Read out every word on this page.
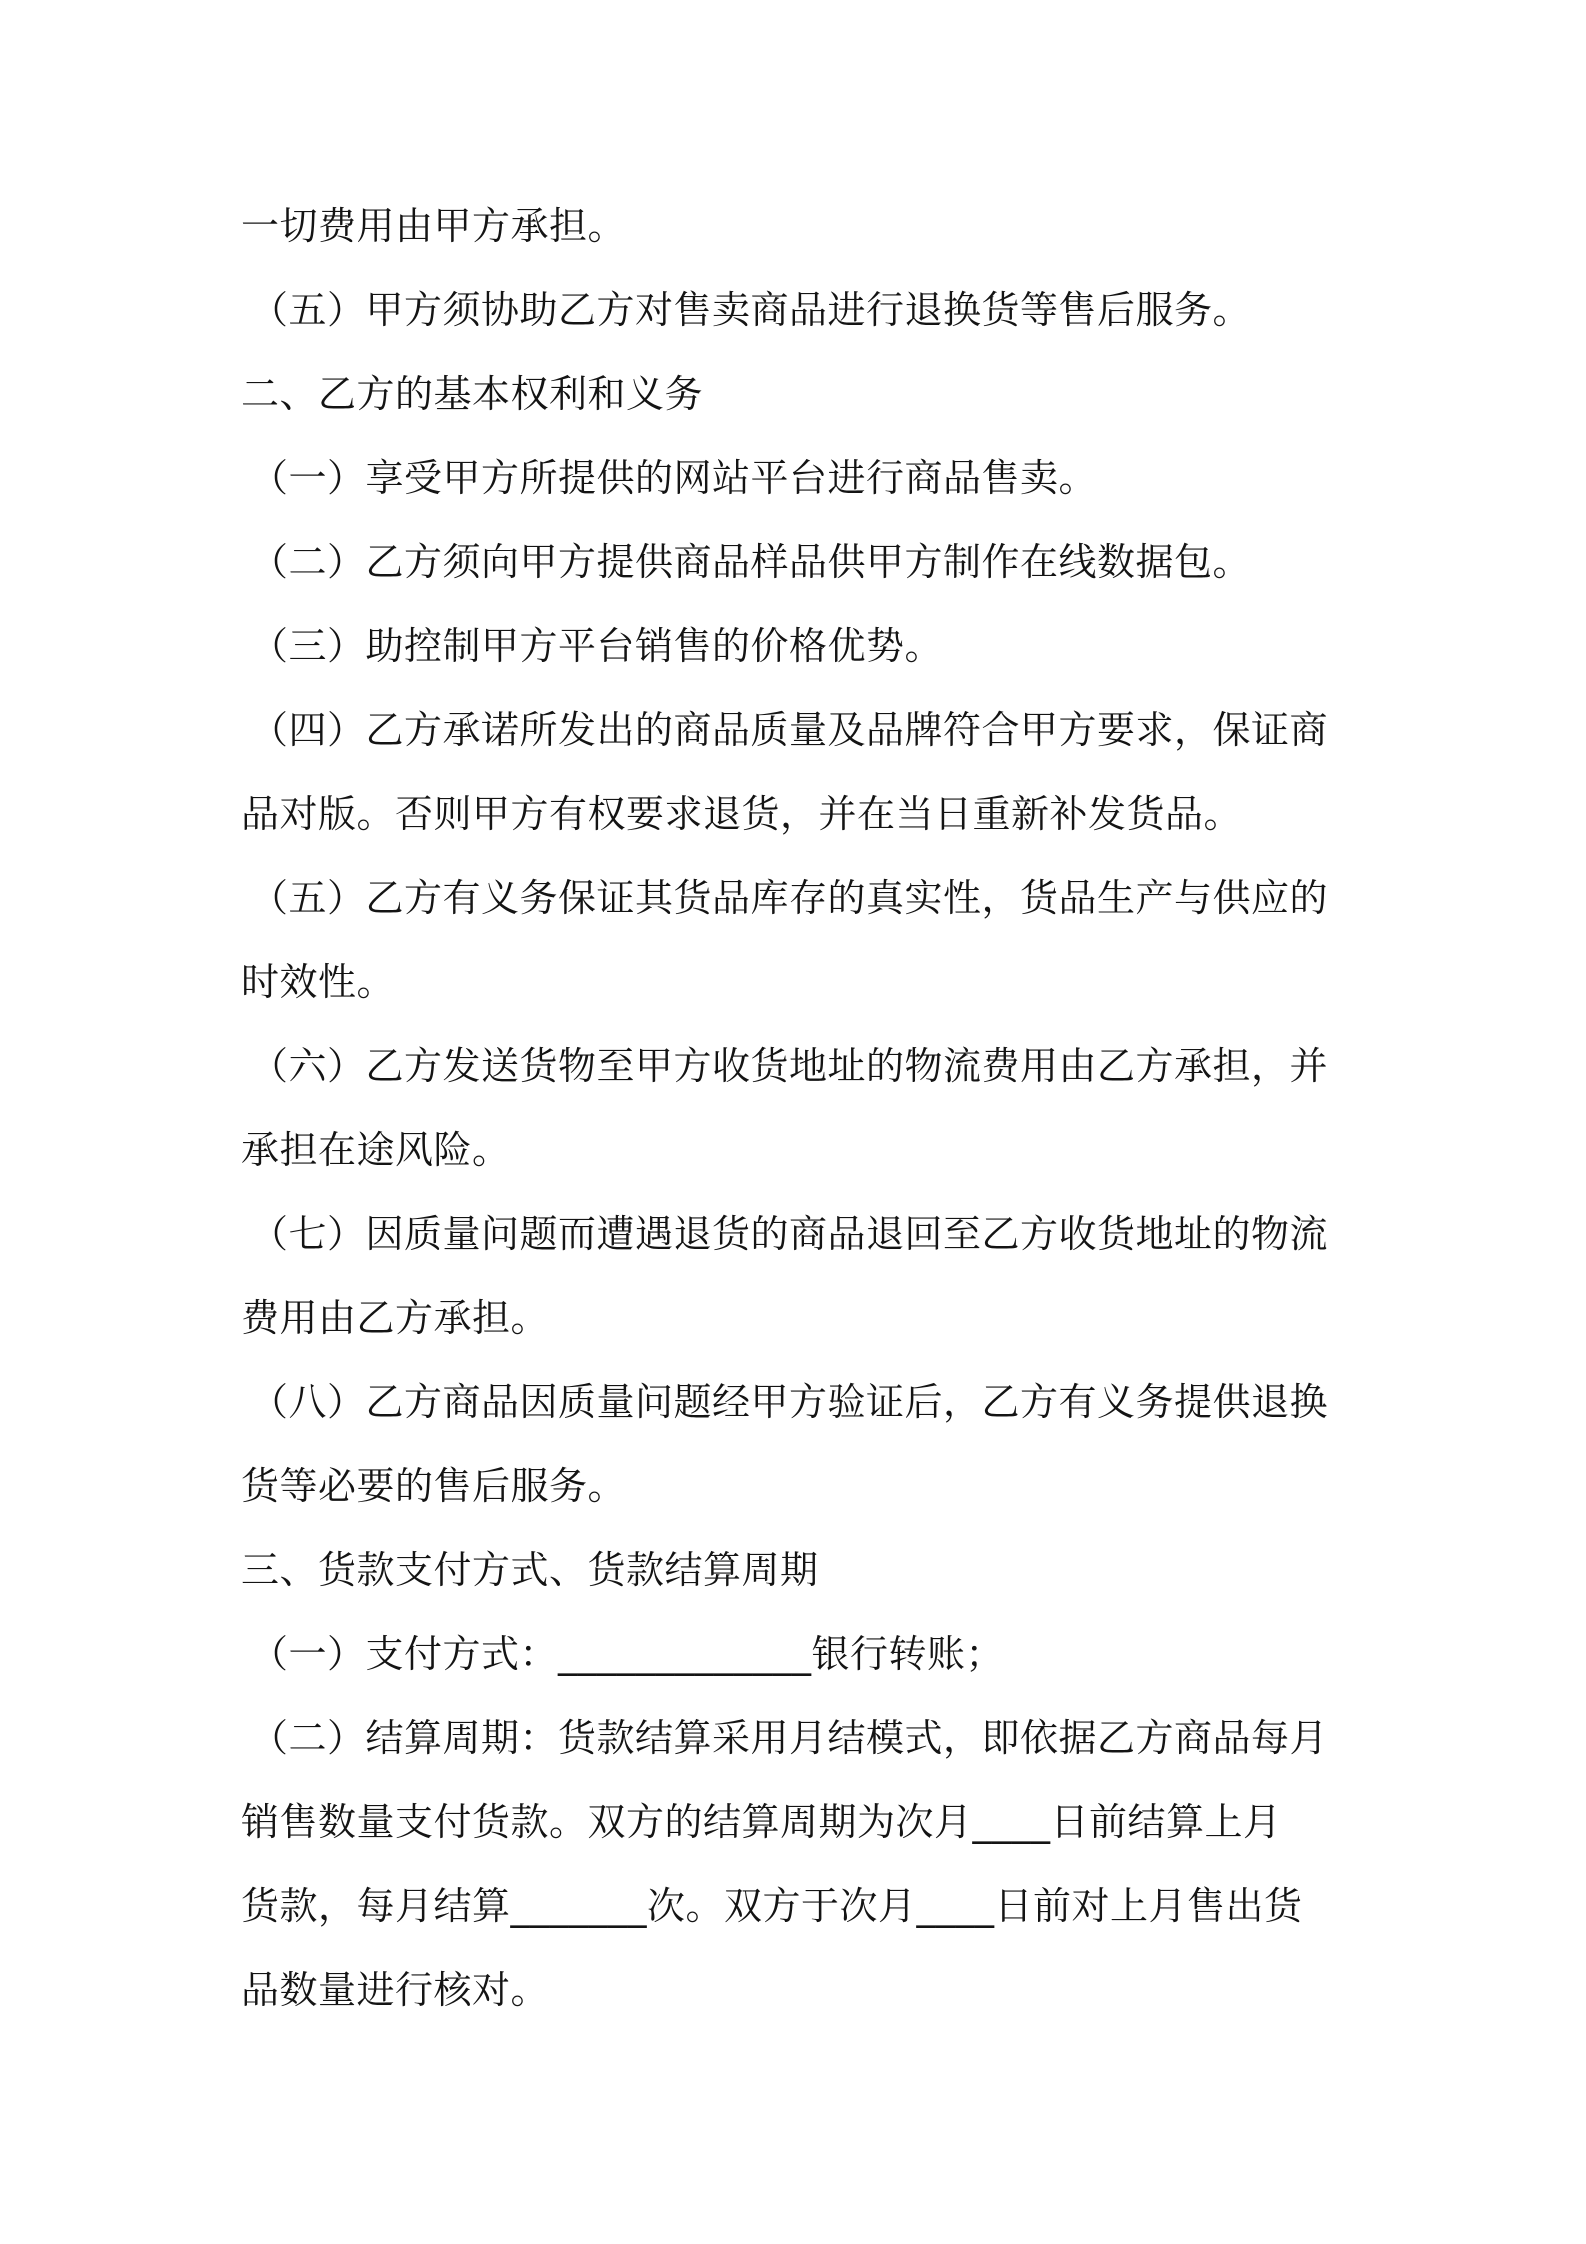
一切费用由甲方承担。
（五）甲方须协助乙方对售卖商品进行退换货等售后服务。
二、乙方的基本权利和义务
（一）享受甲方所提供的网站平台进行商品售卖。
（二）乙方须向甲方提供商品样品供甲方制作在线数据包。
（三）助控制甲方平台销售的价格优势。
（四）乙方承诺所发出的商品质量及品牌符合甲方要求，保证商
品对版。否则甲方有权要求退货，并在当日重新补发货品。
（五）乙方有义务保证其货品库存的真实性，货品生产与供应的
时效性。
（六）乙方发送货物至甲方收货地址的物流费用由乙方承担，并
承担在途风险。
（七）因质量问题而遭遇退货的商品退回至乙方收货地址的物流
费用由乙方承担。
（八）乙方商品因质量问题经甲方验证后，乙方有义务提供退换
货等必要的售后服务。
三、货款支付方式、货款结算周期
（一）支付方式：_____________银行转账；
（二）结算周期：货款结算采用月结模式，即依据乙方商品每月
销售数量支付货款。双方的结算周期为次月____日前结算上月
货款，每月结算_______次。双方于次月____日前对上月售出货
品数量进行核对。
